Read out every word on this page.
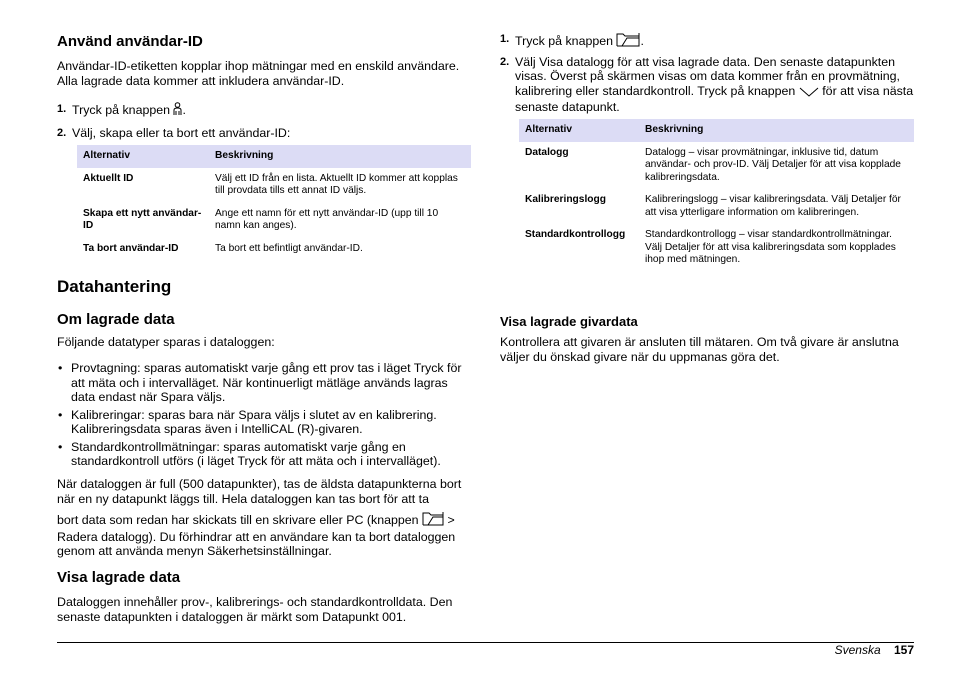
Använd användar-ID

Användar-ID-etiketten kopplar ihop mätningar med en enskild användare. Alla lagrade data kommer att inkludera användar-ID.

1. Tryck på knappen .
2. Välj, skapa eller ta bort ett användar-ID:
Alternativ	Beskrivning
Aktuellt ID	Välj ett ID från en lista. Aktuellt ID kommer att kopplas till provdata tills ett annat ID väljs.
Skapa ett nytt användar-ID	Ange ett namn för ett nytt användar-ID (upp till 10 namn kan anges).
Ta bort användar-ID	Ta bort ett befintligt användar-ID.
Datahantering
Om lagrade data

Följande datatyper sparas i dataloggen:

• Provtagning: sparas automatiskt varje gång ett prov tas i läget Tryck för att mäta och i intervalläget. När kontinuerligt mätläge används lagras data endast när Spara väljs.
• Kalibreringar: sparas bara när Spara väljs i slutet av en kalibrering. Kalibreringsdata sparas även i IntelliCAL (R)-givaren.
• Standardkontrollmätningar: sparas automatiskt varje gång en standardkontroll utförs (i läget Tryck för att mäta och i intervalläget).

När dataloggen är full (500 datapunkter), tas de äldsta datapunkterna bort när en ny datapunkt läggs till. Hela dataloggen kan tas bort för att ta

bort data som redan har skickats till en skrivare eller PC (knappen > Radera datalogg). Du förhindrar att en användare kan ta bort dataloggen genom att använda menyn Säkerhetsinställningar.

Visa lagrade data

Dataloggen innehåller prov-, kalibrerings- och standardkontrolldata. Den senaste datapunkten i dataloggen är märkt som Datapunkt 001.

1. Tryck på knappen .
2. Välj Visa datalogg för att visa lagrade data. Den senaste datapunkten visas. Överst på skärmen visas om data kommer från en provmätning, kalibrering eller standardkontroll. Tryck på knappen för att visa nästa senaste datapunkt.
Alternativ	Beskrivning
Datalogg	Datalogg – visar provmätningar, inklusive tid, datum användar- och prov-ID. Välj Detaljer för att visa kopplade kalibreringsdata.
Kalibreringslogg	Kalibreringslogg – visar kalibreringsdata. Välj Detaljer för att visa ytterligare information om kalibreringen.
Standardkontrollogg	Standardkontrollogg – visar standardkontrollmätningar. Välj Detaljer för att visa kalibreringsdata som kopplades ihop med mätningen.
Visa lagrade givardata

Kontrollera att givaren är ansluten till mätaren. Om två givare är anslutna väljer du önskad givare när du uppmanas göra det.

Svenska 157
